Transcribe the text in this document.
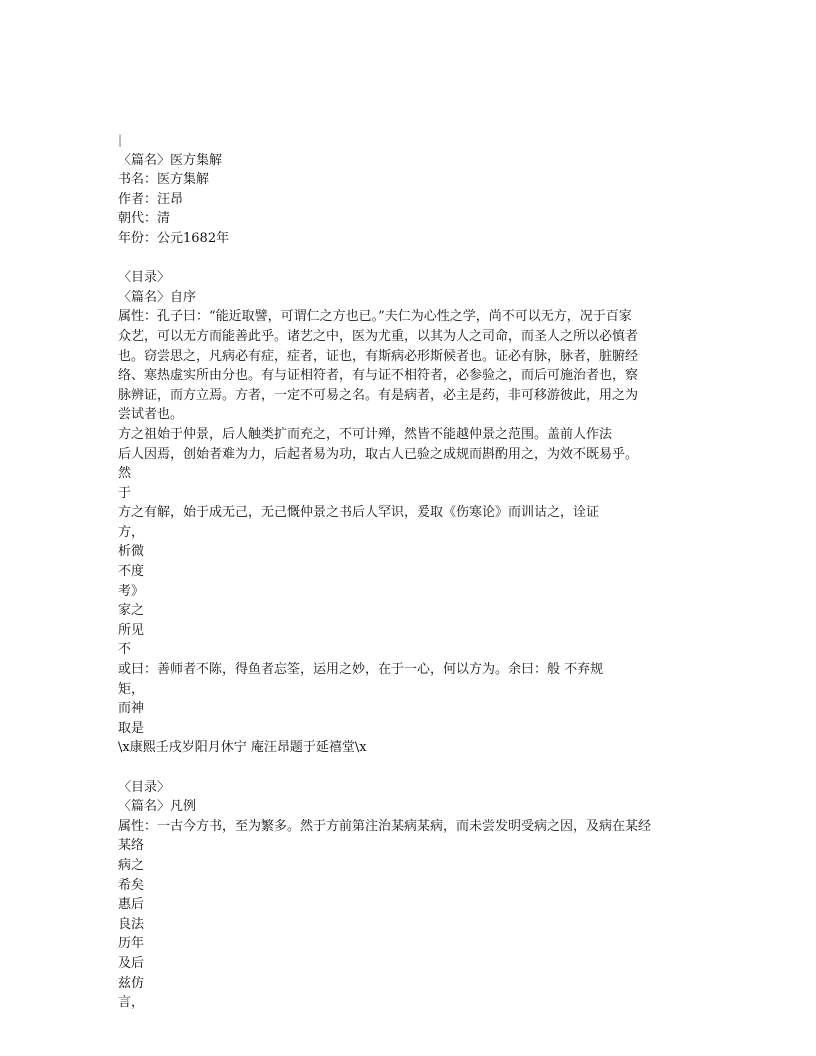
|
〈篇名〉医方集解
书名：医方集解
作者：汪昂
朝代：清
年份：公元1682年
〈目录〉
〈篇名〉自序
属性：孔子曰：“能近取譬，可谓仁之方也已。”夫仁为心性之学，尚不可以无方，况于百家
众艺，可以无方而能善此乎。诸艺之中，医为尤重，以其为人之司命，而圣人之所以必慎者
也。窃尝思之，凡病必有症，症者，证也，有斯病必形斯候者也。证必有脉，脉者，脏腑经
络、寒热虚实所由分也。有与证相符者，有与证不相符者，必参验之，而后可施治者也，察
脉辨证，而方立焉。方者，一定不可易之名。有是病者，必主是药，非可移游彼此，用之为
尝试者也。
方之祖始于仲景，后人触类扩而充之，不可计殚，然皆不能越仲景之范围。盖前人作法
后人因焉，创始者难为力，后起者易为功，取古人已验之成规而斟酌用之，为效不既易乎。
然
于
方之有解，始于成无己，无己慨仲景之书后人罕识，爰取《伤寒论》而训诂之，诠证
方，
析微
不度
考》
家之
所见
不
或曰：善师者不陈，得鱼者忘筌，运用之妙，在于一心，何以方为。余曰：般 不弃规
矩，
而神
取是
\x康熙壬戌岁阳月休宁 庵汪昂题于延禧堂\x
〈目录〉
〈篇名〉凡例
属性：一古今方书，至为繁多。然于方前第注治某病某病，而未尝发明受病之因，及病在某经
某络
病之
希矣
惠后
良法
历年
及后
兹仿
言，
